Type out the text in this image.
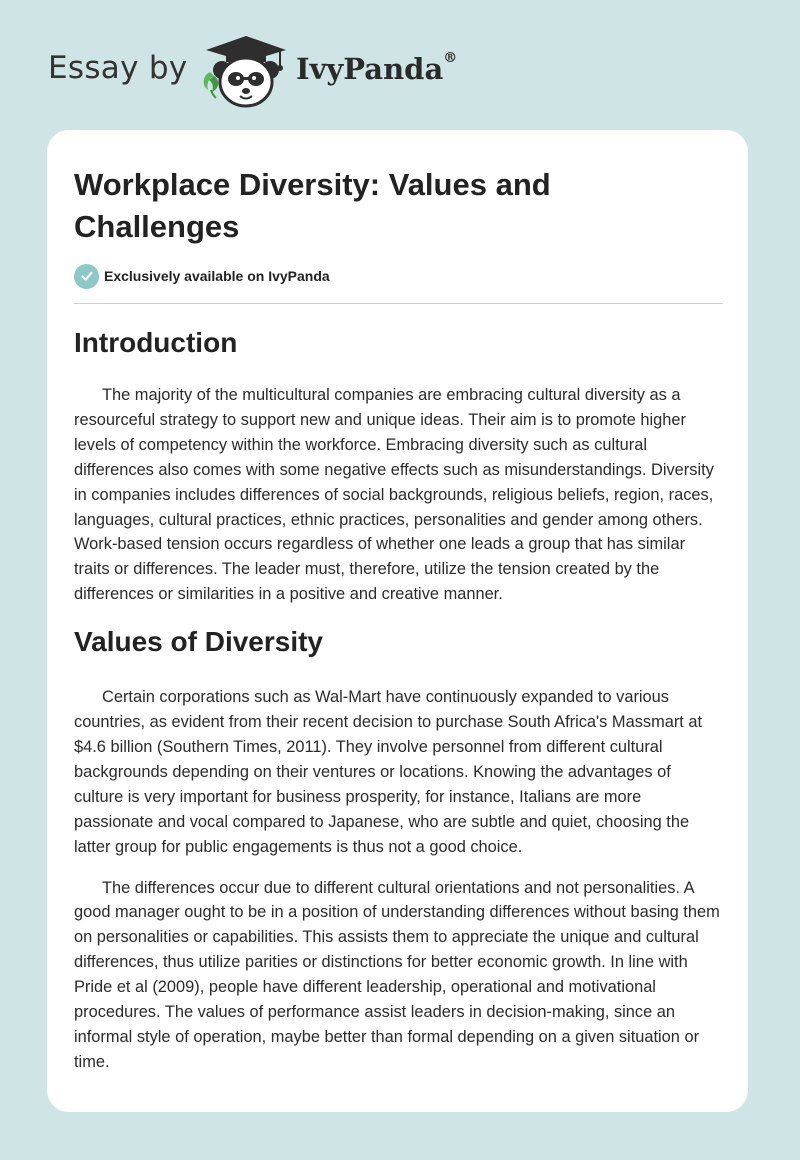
Essay by	IvyPanda®
Workplace Diversity: Values and Challenges
Exclusively available on IvyPanda
Introduction

The majority of the multicultural companies are embracing cultural diversity as a resourceful strategy to support new and unique ideas. Their aim is to promote higher levels of competency within the workforce. Embracing diversity such as cultural differences also comes with some negative effects such as misunderstandings. Diversity in companies includes differences of social backgrounds, religious beliefs, region, races, languages, cultural practices, ethnic practices, personalities and gender among others. Work-based tension occurs regardless of whether one leads a group that has similar traits or differences. The leader must, therefore, utilize the tension created by the differences or similarities in a positive and creative manner.

Values of Diversity

Certain corporations such as Wal-Mart have continuously expanded to various countries, as evident from their recent decision to purchase South Africa's Massmart at $4.6 billion (Southern Times, 2011). They involve personnel from different cultural backgrounds depending on their ventures or locations. Knowing the advantages of culture is very important for business prosperity, for instance, Italians are more passionate and vocal compared to Japanese, who are subtle and quiet, choosing the latter group for public engagements is thus not a good choice.

The differences occur due to different cultural orientations and not personalities. A good manager ought to be in a position of understanding differences without basing them on personalities or capabilities. This assists them to appreciate the unique and cultural differences, thus utilize parities or distinctions for better economic growth. In line with Pride et al (2009), people have different leadership, operational and motivational procedures. The values of performance assist leaders in decision-making, since an informal style of operation, maybe better than formal depending on a given situation or time.
